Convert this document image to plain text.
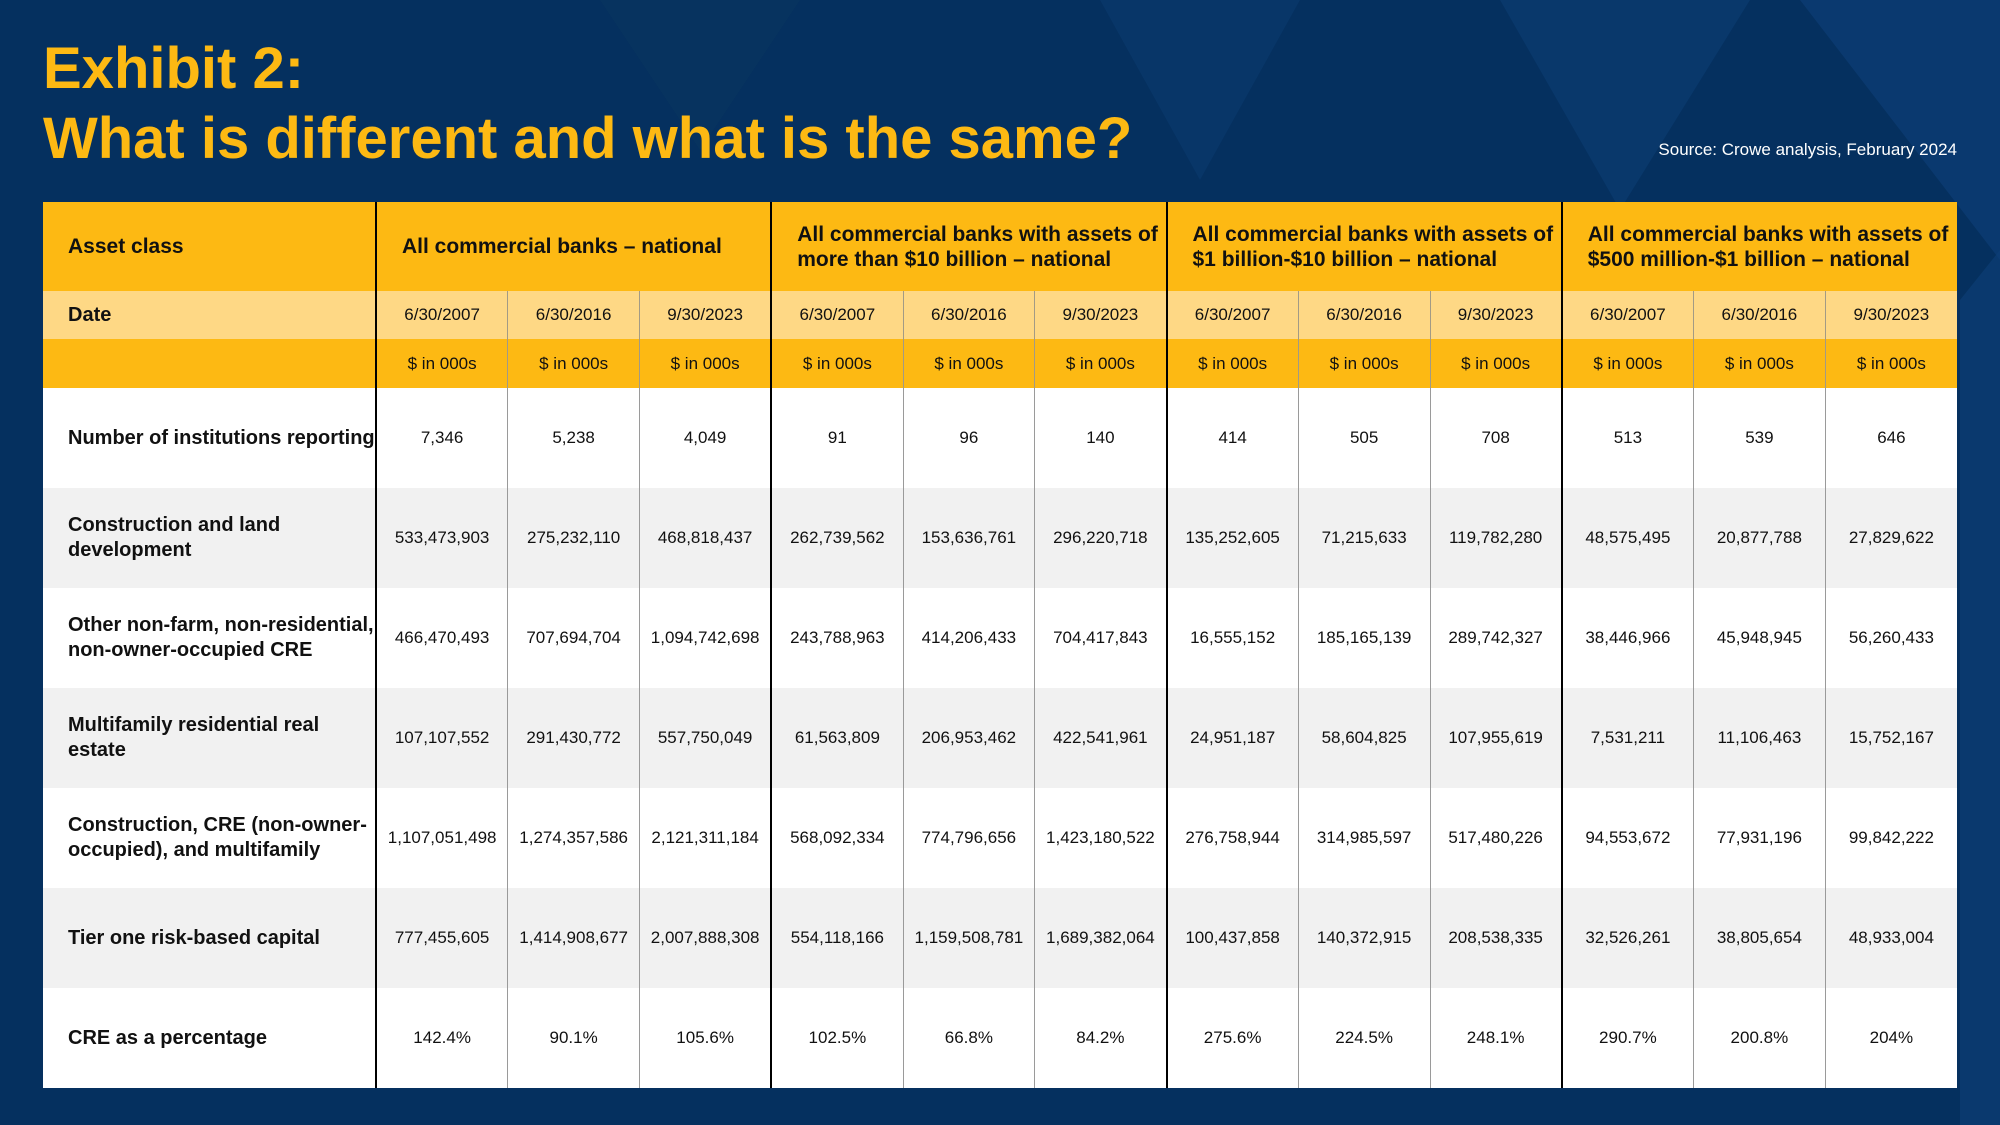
Exhibit 2:
What is different and what is the same?	Source: Crowe analysis, February 2024
Asset class	All commercial banks – national			All commercial banks with assets of more than $10 billion – national			All commercial banks with assets of $1 billion-$10 billion – national			All commercial banks with assets of $500 million-$1 billion – national		
Date	6/30/2007	6/30/2016	9/30/2023	6/30/2007	6/30/2016	9/30/2023	6/30/2007	6/30/2016	9/30/2023	6/30/2007	6/30/2016	9/30/2023
	$ in 000s	$ in 000s	$ in 000s	$ in 000s	$ in 000s	$ in 000s	$ in 000s	$ in 000s	$ in 000s	$ in 000s	$ in 000s	$ in 000s
Number of institutions reporting	7,346	5,238	4,049	91	96	140	414	505	708	513	539	646
Construction and land development	533,473,903	275,232,110	468,818,437	262,739,562	153,636,761	296,220,718	135,252,605	71,215,633	119,782,280	48,575,495	20,877,788	27,829,622
Other non-farm, non-residential, non-owner-occupied CRE	466,470,493	707,694,704	1,094,742,698	243,788,963	414,206,433	704,417,843	16,555,152	185,165,139	289,742,327	38,446,966	45,948,945	56,260,433
Multifamily residential real estate	107,107,552	291,430,772	557,750,049	61,563,809	206,953,462	422,541,961	24,951,187	58,604,825	107,955,619	7,531,211	11,106,463	15,752,167
Construction, CRE (non-owner-occupied), and multifamily	1,107,051,498	1,274,357,586	2,121,311,184	568,092,334	774,796,656	1,423,180,522	276,758,944	314,985,597	517,480,226	94,553,672	77,931,196	99,842,222
Tier one risk-based capital	777,455,605	1,414,908,677	2,007,888,308	554,118,166	1,159,508,781	1,689,382,064	100,437,858	140,372,915	208,538,335	32,526,261	38,805,654	48,933,004
CRE as a percentage	142.4%	90.1%	105.6%	102.5%	66.8%	84.2%	275.6%	224.5%	248.1%	290.7%	200.8%	204%
